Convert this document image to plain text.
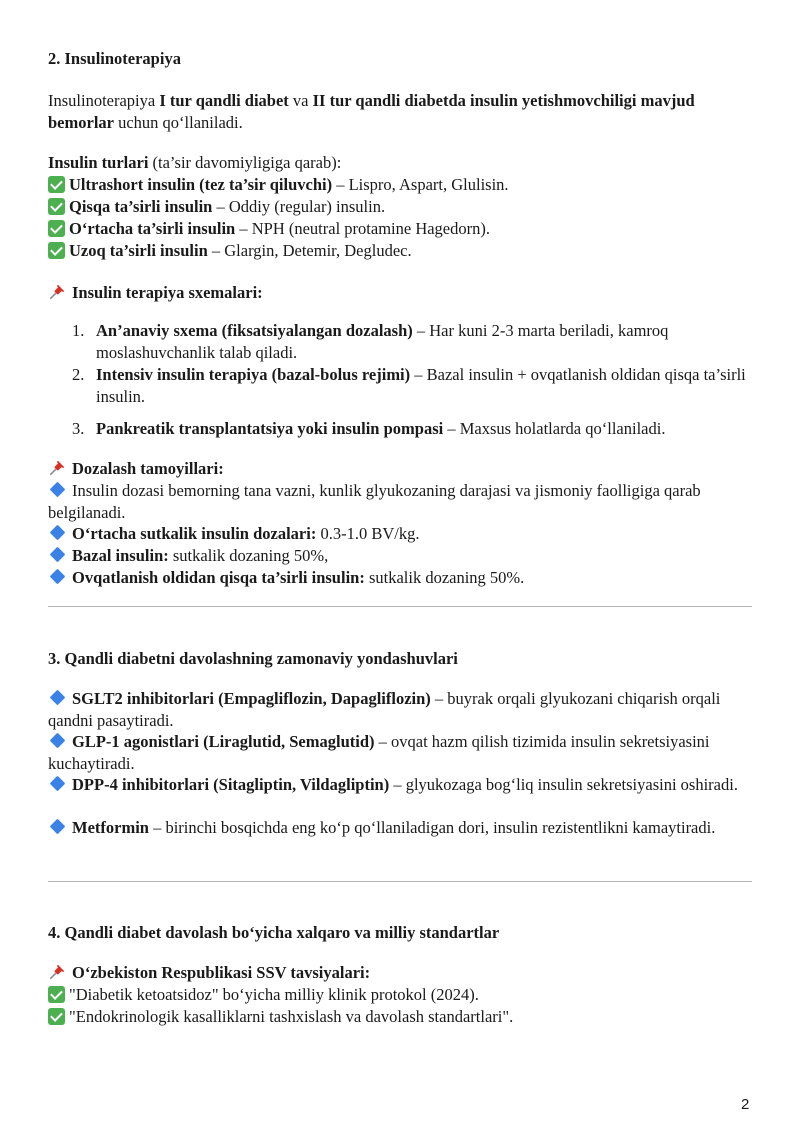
2. Insulinoterapiya
Insulinoterapiya I tur qandli diabet va II tur qandli diabetda insulin yetishmovchiligi mavjud bemorlar uchun qo‘llaniladi.
Insulin turlari (ta’sir davomiyligiga qarab):
Ultrashort insulin (tez ta’sir qiluvchi) – Lispro, Aspart, Glulisin.
Qisqa ta’sirli insulin – Oddiy (regular) insulin.
O‘rtacha ta’sirli insulin – NPH (neutral protamine Hagedorn).
Uzoq ta’sirli insulin – Glargin, Detemir, Degludec.
Insulin terapiya sxemalari:
1. An’anaviy sxema (fiksatsiyalangan dozalash) – Har kuni 2-3 marta beriladi, kamroq moslashuvchanlik talab qiladi.
2. Intensiv insulin terapiya (bazal-bolus rejimi) – Bazal insulin + ovqatlanish oldidan qisqa ta’sirli insulin.
3. Pankreatik transplantatsiya yoki insulin pompasi – Maxsus holatlarda qo‘llaniladi.
Dozalash tamoyillari:
Insulin dozasi bemorning tana vazni, kunlik glyukozaning darajasi va jismoniy faolligiga qarab belgilanadi.
O‘rtacha sutkalik insulin dozalari: 0.3-1.0 BV/kg.
Bazal insulin: sutkalik dozaning 50%,
Ovqatlanish oldidan qisqa ta’sirli insulin: sutkalik dozaning 50%.
3. Qandli diabetni davolashning zamonaviy yondashuvlari
SGLT2 inhibitorlari (Empagliflozin, Dapagliflozin) – buyrak orqali glyukozani chiqarish orqali qandni pasaytiradi.
GLP-1 agonistlari (Liraglutid, Semaglutid) – ovqat hazm qilish tizimida insulin sekretsiyasini kuchaytiradi.
DPP-4 inhibitorlari (Sitagliptin, Vildagliptin) – glyukozaga bog‘liq insulin sekretsiyasini oshiradi.
Metformin – birinchi bosqichda eng ko‘p qo‘llaniladigan dori, insulin rezistentlikni kamaytiradi.
4. Qandli diabet davolash bo‘yicha xalqaro va milliy standartlar
O‘zbekiston Respublikasi SSV tavsiyalari:
"Diabetik ketoatsidoz" bo‘yicha milliy klinik protokol (2024).
"Endokrinologik kasalliklarni tashxislash va davolash standartlari".
2
